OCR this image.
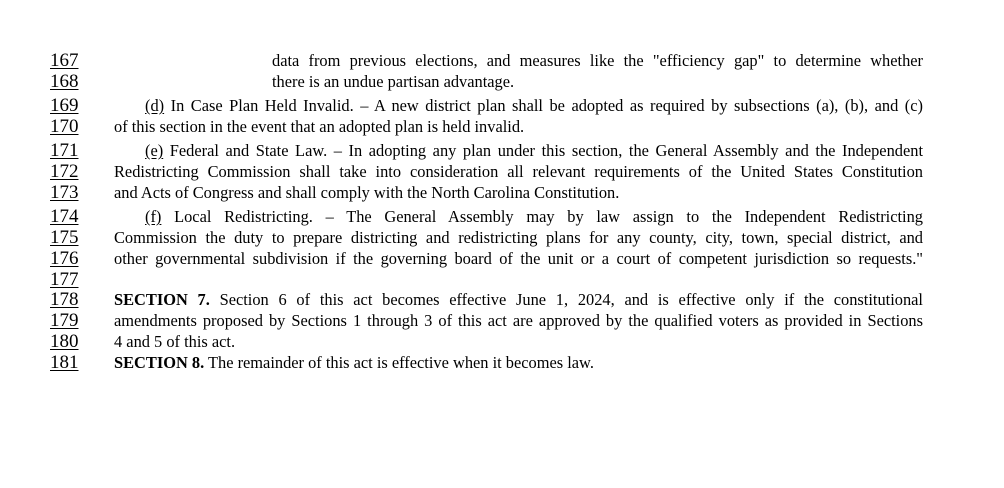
167	data from previous elections, and measures like the "efficiency gap" to determine whether
168	there is an undue partisan advantage.
169	(d) In Case Plan Held Invalid. – A new district plan shall be adopted as required by subsections (a), (b), and (c)
170	of this section in the event that an adopted plan is held invalid.
171	(e) Federal and State Law. – In adopting any plan under this section, the General Assembly and the Independent
172	Redistricting Commission shall take into consideration all relevant requirements of the United States Constitution
173	and Acts of Congress and shall comply with the North Carolina Constitution.
174	(f) Local Redistricting. – The General Assembly may by law assign to the Independent Redistricting
175	Commission the duty to prepare districting and redistricting plans for any county, city, town, special district, and
176	other governmental subdivision if the governing board of the unit or a court of competent jurisdiction so requests."
177
178	SECTION 7. Section 6 of this act becomes effective June 1, 2024, and is effective only if the constitutional
179	amendments proposed by Sections 1 through 3 of this act are approved by the qualified voters as provided in Sections
180	4 and 5 of this act.
181	SECTION 8. The remainder of this act is effective when it becomes law.
